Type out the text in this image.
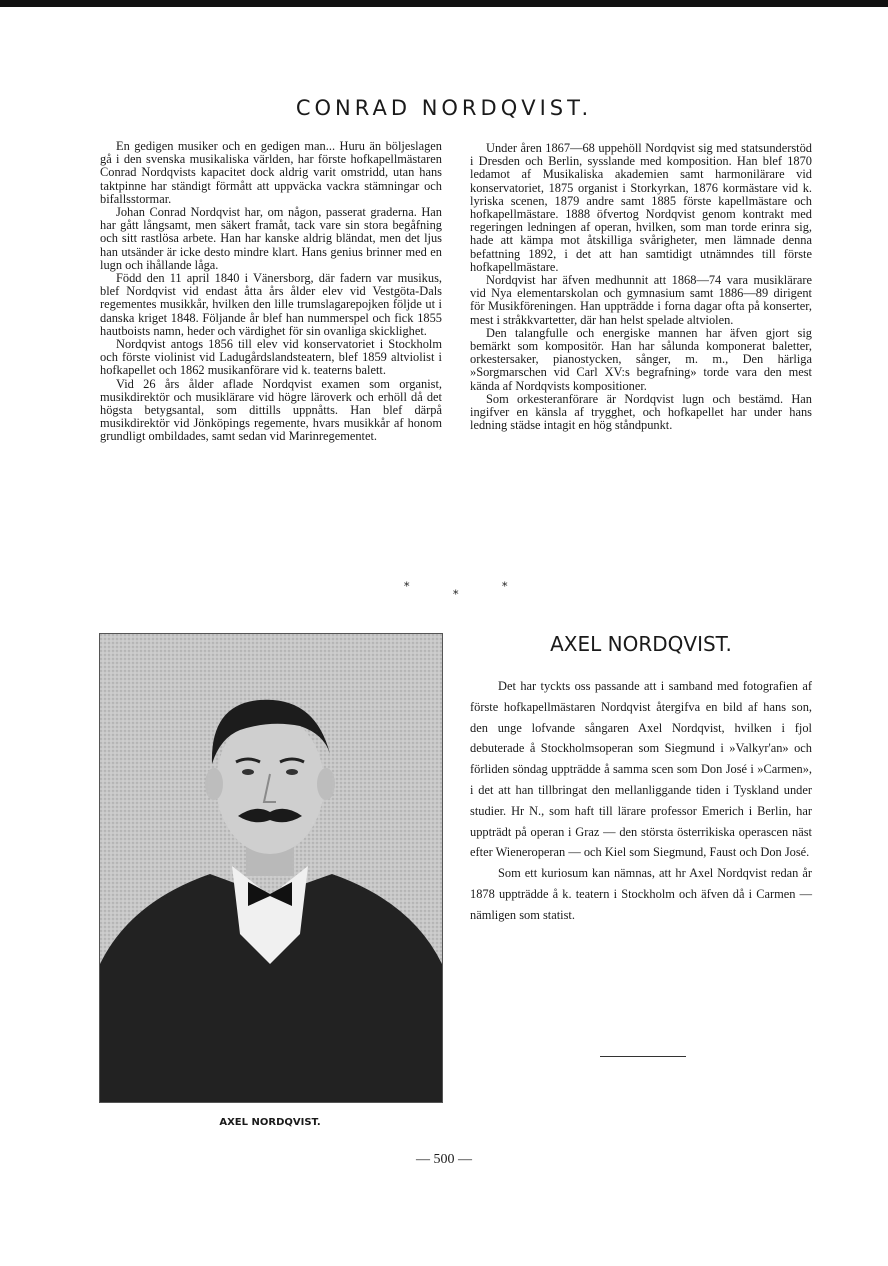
CONRAD NORDQVIST.

En gedigen musiker och en gedigen man... Huru än böljeslagen gå i den svenska musikaliska världen, har förste hofkapellmästaren Conrad Nordqvists kapacitet dock aldrig varit omstridd, utan hans taktpinne har ständigt förmått att uppväcka vackra stämningar och bifallsstormar.

Johan Conrad Nordqvist har, om någon, passerat graderna. Han har gått långsamt, men säkert framåt, tack vare sin stora begåfning och sitt rastlösa arbete. Han har kanske aldrig bländat, men det ljus han utsänder är icke desto mindre klart. Hans genius brinner med en lugn och ihållande låga.

Född den 11 april 1840 i Vänersborg, där fadern var musikus, blef Nordqvist vid endast åtta års ålder elev vid Vestgöta-Dals regementes musikkår, hvilken den lille trumslagarepojken följde ut i danska kriget 1848. Följande år blef han nummerspel och fick 1855 hautboists namn, heder och värdighet för sin ovanliga skicklighet.

Nordqvist antogs 1856 till elev vid konservatoriet i Stockholm och förste violinist vid Ladugårdslandsteatern, blef 1859 altviolist i hofkapellet och 1862 musikanförare vid k. teaterns balett.

Vid 26 års ålder aflade Nordqvist examen som organist, musikdirektör och musiklärare vid högre läroverk och erhöll då det högsta betygsantal, som dittills uppnåtts. Han blef därpå musikdirektör vid Jönköpings regemente, hvars musikkår af honom grundligt ombildades, samt sedan vid Marinregementet.

Under åren 1867—68 uppehöll Nordqvist sig med statsunderstöd i Dresden och Berlin, sysslande med komposition. Han blef 1870 ledamot af Musikaliska akademien samt harmonilärare vid konservatoriet, 1875 organist i Storkyrkan, 1876 kormästare vid k. lyriska scenen, 1879 andre samt 1885 förste kapellmästare och hofkapellmästare. 1888 öfvertog Nordqvist genom kontrakt med regeringen ledningen af operan, hvilken, som man torde erinra sig, hade att kämpa mot åtskilliga svårigheter, men lämnade denna befattning 1892, i det att han samtidigt utnämndes till förste hofkapellmästare.

Nordqvist har äfven medhunnit att 1868—74 vara musiklärare vid Nya elementarskolan och gymnasium samt 1886—89 dirigent för Musikföreningen. Han uppträdde i forna dagar ofta på konserter, mest i stråkkvartetter, där han helst spelade altviolen.

Den talangfulle och energiske mannen har äfven gjort sig bemärkt som kompositör. Han har sålunda komponerat baletter, orkestersaker, pianostycken, sånger, m. m., Den härliga »Sorgmarschen vid Carl XV:s begrafning» torde vara den mest kända af Nordqvists kompositioner.

Som orkesteranförare är Nordqvist lugn och bestämd. Han ingifver en känsla af trygghet, och hofkapellet har under hans ledning städse intagit en hög ståndpunkt.

*
*
*
AXEL NORDQVIST.
AXEL NORDQVIST.

Det har tyckts oss passande att i samband med fotografien af förste hofkapellmästaren Nordqvist återgifva en bild af hans son, den unge lofvande sångaren Axel Nordqvist, hvilken i fjol debuterade å Stockholmsoperan som Siegmund i »Valkyr'an» och förliden söndag uppträdde å samma scen som Don José i »Carmen», i det att han tillbringat den mellanliggande tiden i Tyskland under studier. Hr N., som haft till lärare professor Emerich i Berlin, har uppträdt på operan i Graz — den största österrikiska operascen näst efter Wieneroperan — och Kiel som Siegmund, Faust och Don José.

Som ett kuriosum kan nämnas, att hr Axel Nordqvist redan år 1878 uppträdde å k. teatern i Stockholm och äfven då i Carmen — nämligen som statist.

— 500 —
